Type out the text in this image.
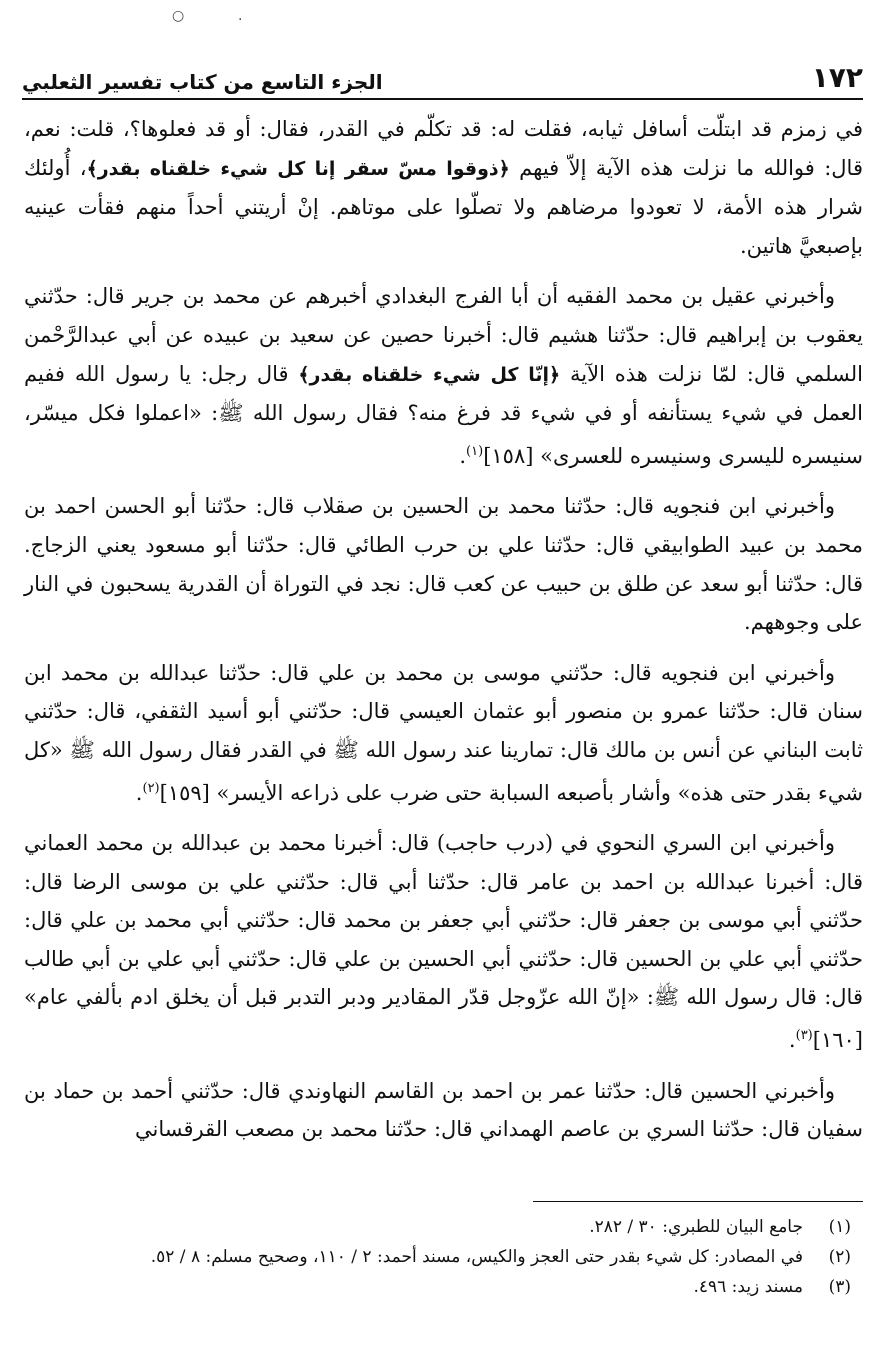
○	·
١٧٢
الجزء التاسع من كتاب تفسير الثعلبي

في زمزم قد ابتلّت أسافل ثيابه، فقلت له: قد تكلّم في القدر، فقال: أو قد فعلوها؟، قلت: نعم، قال: فوالله ما نزلت هذه الآية إلاّ فيهم ﴿ذوقوا مسّ سقر إنا كل شيء خلقناه بقدر﴾، أُولئك شرار هذه الأمة، لا تعودوا مرضاهم ولا تصلّوا على موتاهم. إنْ أريتني أحداً منهم فقأت عينيه بإصبعيَّ هاتين.

وأخبرني عقيل بن محمد الفقيه أن أبا الفرج البغدادي أخبرهم عن محمد بن جرير قال: حدّثني يعقوب بن إبراهيم قال: حدّثنا هشيم قال: أخبرنا حصين عن سعيد بن عبيده عن أبي عبدالرَّحْمن السلمي قال: لمّا نزلت هذه الآية ﴿إنّا كل شيء خلقناه بقدر﴾ قال رجل: يا رسول الله ففيم العمل في شيء يستأنفه أو في شيء قد فرغ منه؟ فقال رسول الله ﷺ: «اعملوا فكل ميسّر، سنيسره لليسرى وسنيسره للعسرى» [١٥٨]$^{(١)}$.

وأخبرني ابن فنجويه قال: حدّثنا محمد بن الحسين بن صقلاب قال: حدّثنا أبو الحسن احمد بن محمد بن عبيد الطوابيقي قال: حدّثنا علي بن حرب الطائي قال: حدّثنا أبو مسعود يعني الزجاج. قال: حدّثنا أبو سعد عن طلق بن حبيب عن كعب قال: نجد في التوراة أن القدرية يسحبون في النار على وجوههم.

وأخبرني ابن فنجويه قال: حدّثني موسى بن محمد بن علي قال: حدّثنا عبدالله بن محمد ابن سنان قال: حدّثنا عمرو بن منصور أبو عثمان العيسي قال: حدّثني أبو أسيد الثقفي، قال: حدّثني ثابت البناني عن أنس بن مالك قال: تمارينا عند رسول الله ﷺ في القدر فقال رسول الله ﷺ «كل شيء بقدر حتى هذه» وأشار بأصبعه السبابة حتى ضرب على ذراعه الأيسر» [١٥٩]$^{(٢)}$.

وأخبرني ابن السري النحوي في (درب حاجب) قال: أخبرنا محمد بن عبدالله بن محمد العماني قال: أخبرنا عبدالله بن احمد بن عامر قال: حدّثنا أبي قال: حدّثني علي بن موسى الرضا قال: حدّثني أبي موسى بن جعفر قال: حدّثني أبي جعفر بن محمد قال: حدّثني أبي محمد بن علي قال: حدّثني أبي علي بن الحسين قال: حدّثني أبي الحسين بن علي قال: حدّثني أبي علي بن أبي طالب قال: قال رسول الله ﷺ: «إنّ الله عزّوجل قدّر المقادير ودبر التدبر قبل أن يخلق ادم بألفي عام» [١٦٠]$^{(٣)}$.

وأخبرني الحسين قال: حدّثنا عمر بن احمد بن القاسم النهاوندي قال: حدّثني أحمد بن حماد بن سفيان قال: حدّثنا السري بن عاصم الهمداني قال: حدّثنا محمد بن مصعب القرقساني

(١)
جامع البيان للطبري: ٣٠ / ٢٨٢.
(٢)
في المصادر: كل شيء بقدر حتى العجز والكيس، مسند أحمد: ٢ / ١١٠، وصحيح مسلم: ٨ / ٥٢.
(٣)
مسند زيد: ٤٩٦.
